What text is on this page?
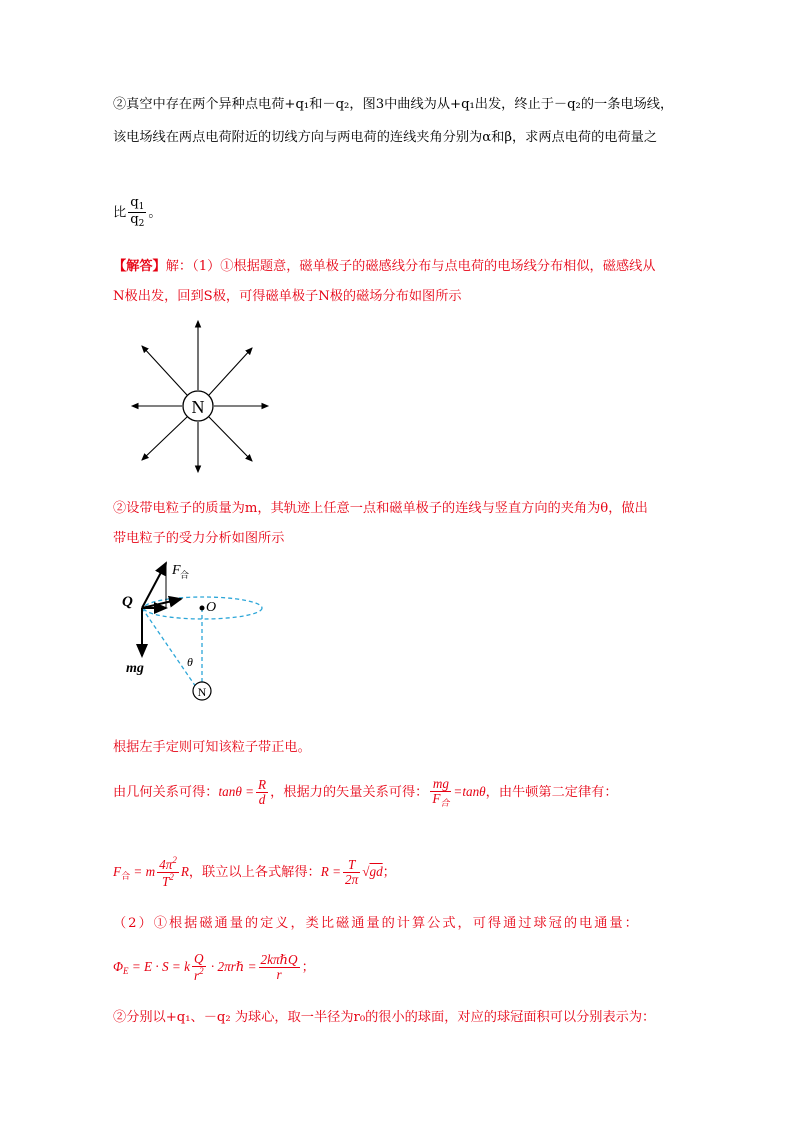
②真空中存在两个异种点电荷+q₁和－q₂，图3中曲线为从+q₁出发，终止于－q₂的一条电场线，
该电场线在两点电荷附近的切线方向与两电荷的连线夹角分别为α和β，求两点电荷的电荷量之
比 $\frac{q_1}{q_2}$ 。
【解答】解：（1）①根据题意，磁单极子的磁感线分布与点电荷的电场线分布相似，磁感线从
N极出发，回到S极，可得磁单极子N极的磁场分布如图所示
N
②设带电粒子的质量为m，其轨迹上任意一点和磁单极子的连线与竖直方向的夹角为θ，做出
带电粒子的受力分析如图所示
N
F 合
Q	O
θ
mg
根据左手定则可知该粒子带正电。
由几何关系可得：$\tan\theta = \frac{R}{d}$ ，根据力的矢量关系可得： $\frac{mg}{F_合} =\tan\theta$，由牛顿第二定律有：
$F_合 = m \frac{4\pi^2}{T^2}$ R，联立以上各式解得：$R = \frac{T}{2\pi} √gd$；
（2）①根据磁通量的定义，类比磁通量的计算公式，可得通过球冠的电通量：
$\Phi_E = E \cdot S = k \frac{Q}{r^2}$ · 2πrℏ = $\frac{\text{2kπℏQ}}{r}$ ；
②分别以+q₁、－q₂ 为球心，取一半径为r₀的很小的球面，对应的球冠面积可以分别表示为：
